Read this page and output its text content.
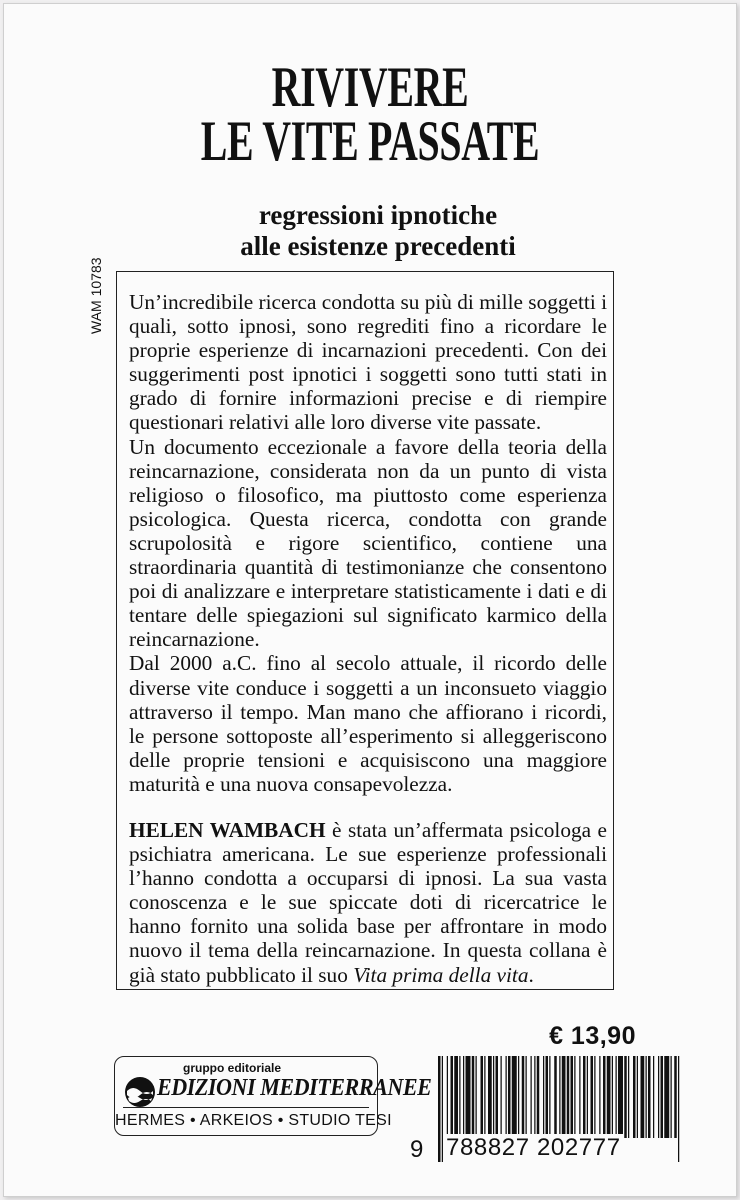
RIVIVERE
LE VITE PASSATE
regressioni ipnotiche
alle esistenze precedenti
WAM 10783 Un’incredibile ricerca condotta su più di mille soggetti i quali, sotto ipnosi, sono regrediti fino a ricordare le proprie esperienze di incarnazioni precedenti. Con dei suggerimenti post ipnotici i soggetti sono tutti stati in grado di fornire informazioni precise e di riempire questionari relativi alle loro diverse vite passate.

Un documento eccezionale a favore della teoria della reincarnazione, considerata non da un punto di vista religioso o filosofico, ma piuttosto come esperienza psicologica. Questa ricerca, condotta con grande scrupolosità e rigore scientifico, contiene una straordinaria quantità di testimonianze che consentono poi di analizzare e interpretare statisticamente i dati e di tentare delle spiegazioni sul significato karmico della reincarnazione.

Dal 2000 a.C. fino al secolo attuale, il ricordo delle diverse vite conduce i soggetti a un inconsueto viaggio attraverso il tempo. Man mano che affiorano i ricordi, le persone sottoposte all’esperimento si alleggeriscono delle proprie tensioni e acquisiscono una maggiore maturità e una nuova consapevolezza.

HELEN WAMBACH è stata un’affermata psicologa e psichiatra americana. Le sue esperienze professionali l’hanno condotta a occuparsi di ipnosi. La sua vasta conoscenza e le sue spiccate doti di ricercatrice le hanno fornito una solida base per affrontare in modo nuovo il tema della reincarnazione. In questa collana è già stato pubblicato il suo Vita prima della vita.

€ 13,90
gruppo editoriale
EDIZIONI MEDITERRANEE
HERMES • ARKEIOS • STUDIO TESI
9 788827 202777
